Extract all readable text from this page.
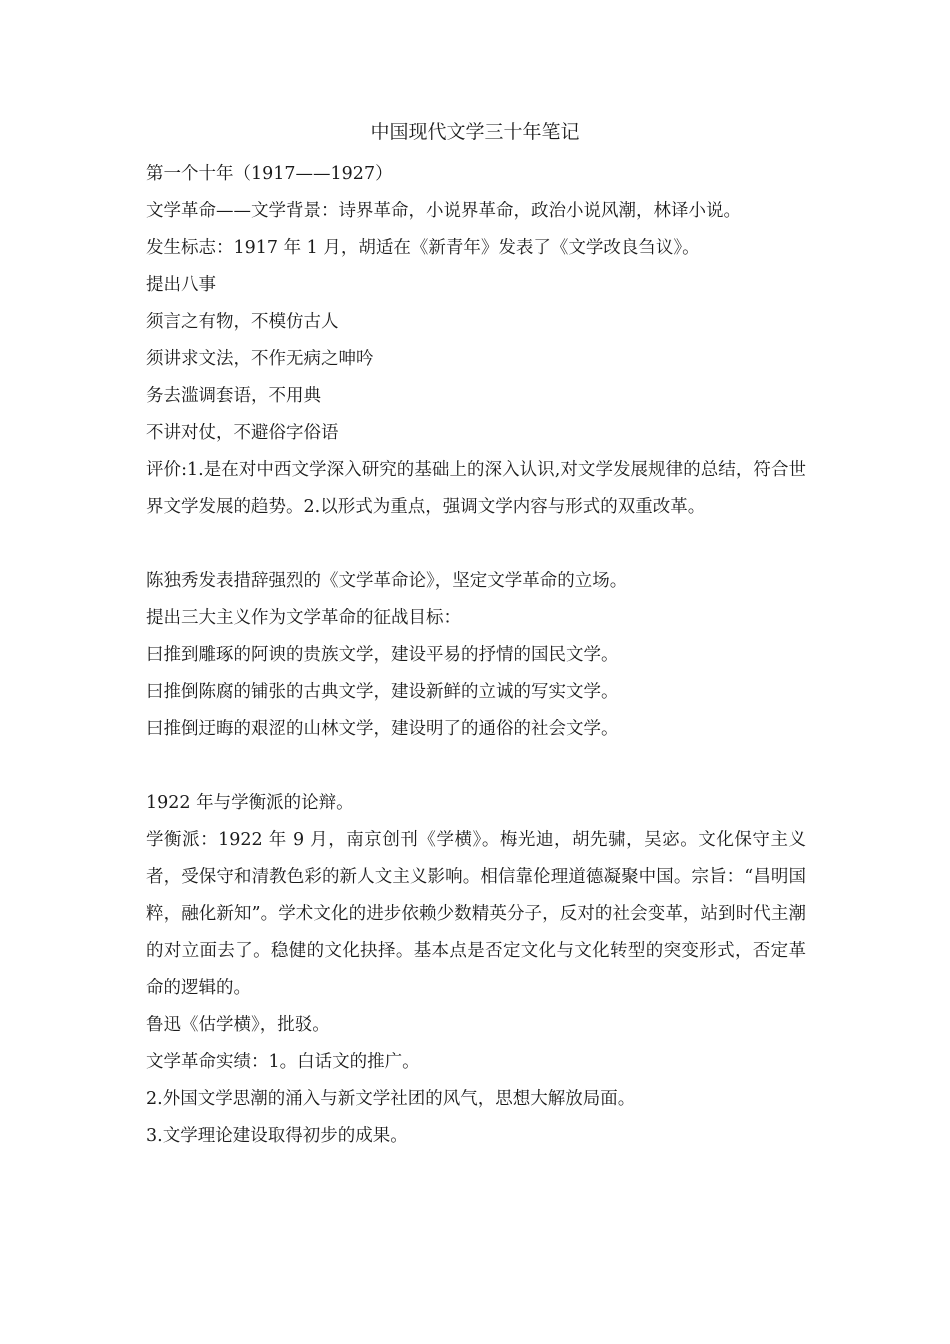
中国现代文学三十年笔记

第一个十年（1917——1927）

文学革命——文学背景：诗界革命，小说界革命，政治小说风潮，林译小说。

发生标志：1917 年 1 月，胡适在《新青年》发表了《文学改良刍议》。

提出八事

须言之有物，不模仿古人

须讲求文法，不作无病之呻吟

务去滥调套语，不用典

不讲对仗，不避俗字俗语

评价:1.是在对中西文学深入研究的基础上的深入认识,对文学发展规律的总结，符合世界文学发展的趋势。2.以形式为重点，强调文学内容与形式的双重改革。

陈独秀发表措辞强烈的《文学革命论》，坚定文学革命的立场。

提出三大主义作为文学革命的征战目标：

曰推到雕琢的阿谀的贵族文学，建设平易的抒情的国民文学。

曰推倒陈腐的铺张的古典文学，建设新鲜的立诚的写实文学。

曰推倒迂晦的艰涩的山林文学，建设明了的通俗的社会文学。

1922 年与学衡派的论辩。

学衡派：1922 年 9 月，南京创刊《学横》。梅光迪，胡先骕，吴宓。文化保守主义者，受保守和清教色彩的新人文主义影响。相信靠伦理道德凝聚中国。宗旨：“昌明国粹，融化新知”。学术文化的进步依赖少数精英分子，反对的社会变革，站到时代主潮的对立面去了。稳健的文化抉择。基本点是否定文化与文化转型的突变形式，否定革命的逻辑的。

鲁迅《估学横》，批驳。

文学革命实绩：1。白话文的推广。

2.外国文学思潮的涌入与新文学社团的风气，思想大解放局面。

3.文学理论建设取得初步的成果。
